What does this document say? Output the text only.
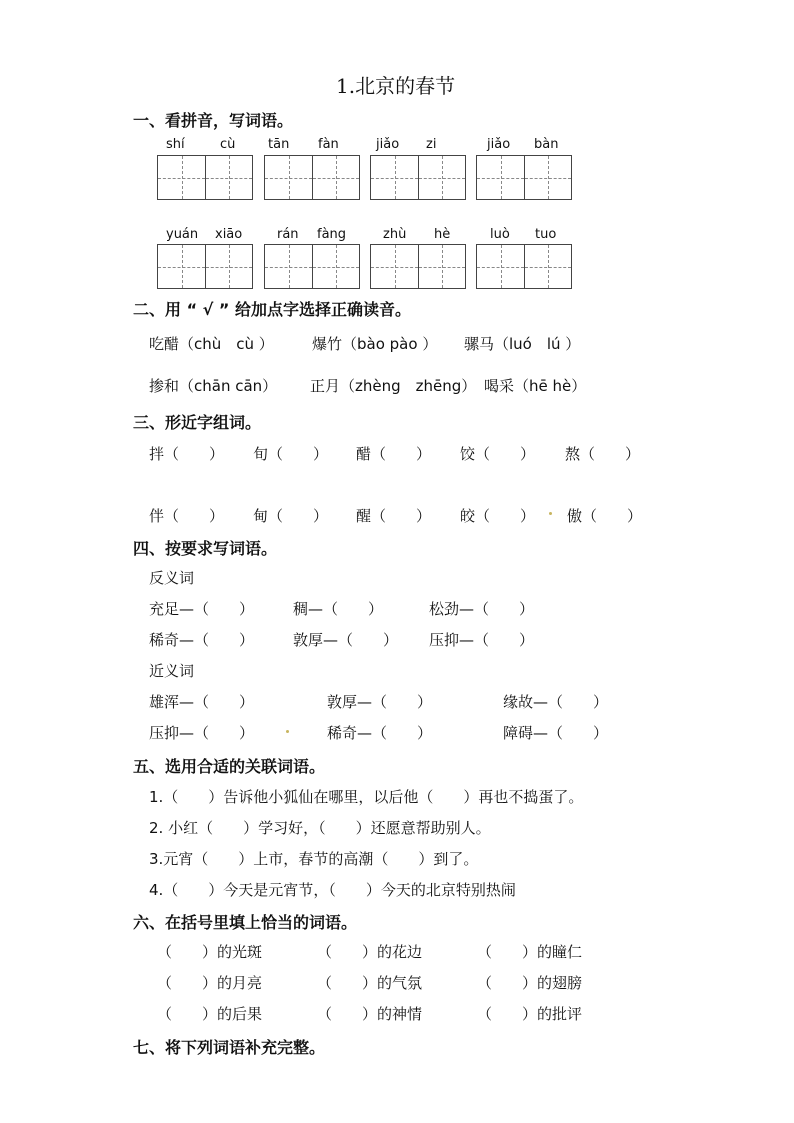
1.北京的春节
一、看拼音，写词语。
shí	cù	tān fàn	jiǎo zi	jiǎo bàn
yuán xiāo	rán fàng	zhù hè	luò tuo
二、用 “ √ ” 给加点字选择正确读音。
吃醋（chù　cù ）	爆竹（bào pào ） 骡马（luó　lú ）
掺和（chān cān） 正月（zhèng　zhēng） 喝采（hē hè）
三、形近字组词。
拌（　　） 旬（　　） 醋（　　） 饺（　　） 熬（　　）
伴（　　） 甸（　　） 醒（　　） 皎（　　） 傲（　　）
四、按要求写词语。
反义词
充足—（　　）	稠—（　　）	松劲—（　　）
稀奇—（　　）	敦厚—（　　） 压抑—（　　）
近义词
雄浑—（　　）	敦厚—（　　）	缘故—（　　）
压抑—（　　）	稀奇—（　　）	障碍—（　　）
五、选用合适的关联词语。
1.（　　）告诉他小狐仙在哪里，以后他（　　）再也不捣蛋了。
2. 小红（　　）学习好，（　　）还愿意帮助别人。
3.元宵（　　）上市，春节的高潮（　　）到了。
4.（　　）今天是元宵节，（　　）今天的北京特别热闹
六、在括号里填上恰当的词语。
（　　）的光斑	（　　）的花边	（　　）的瞳仁
（　　）的月亮	（　　）的气氛	（　　）的翅膀
（　　）的后果	（　　）的神情	（　　）的批评
七、将下列词语补充完整。
